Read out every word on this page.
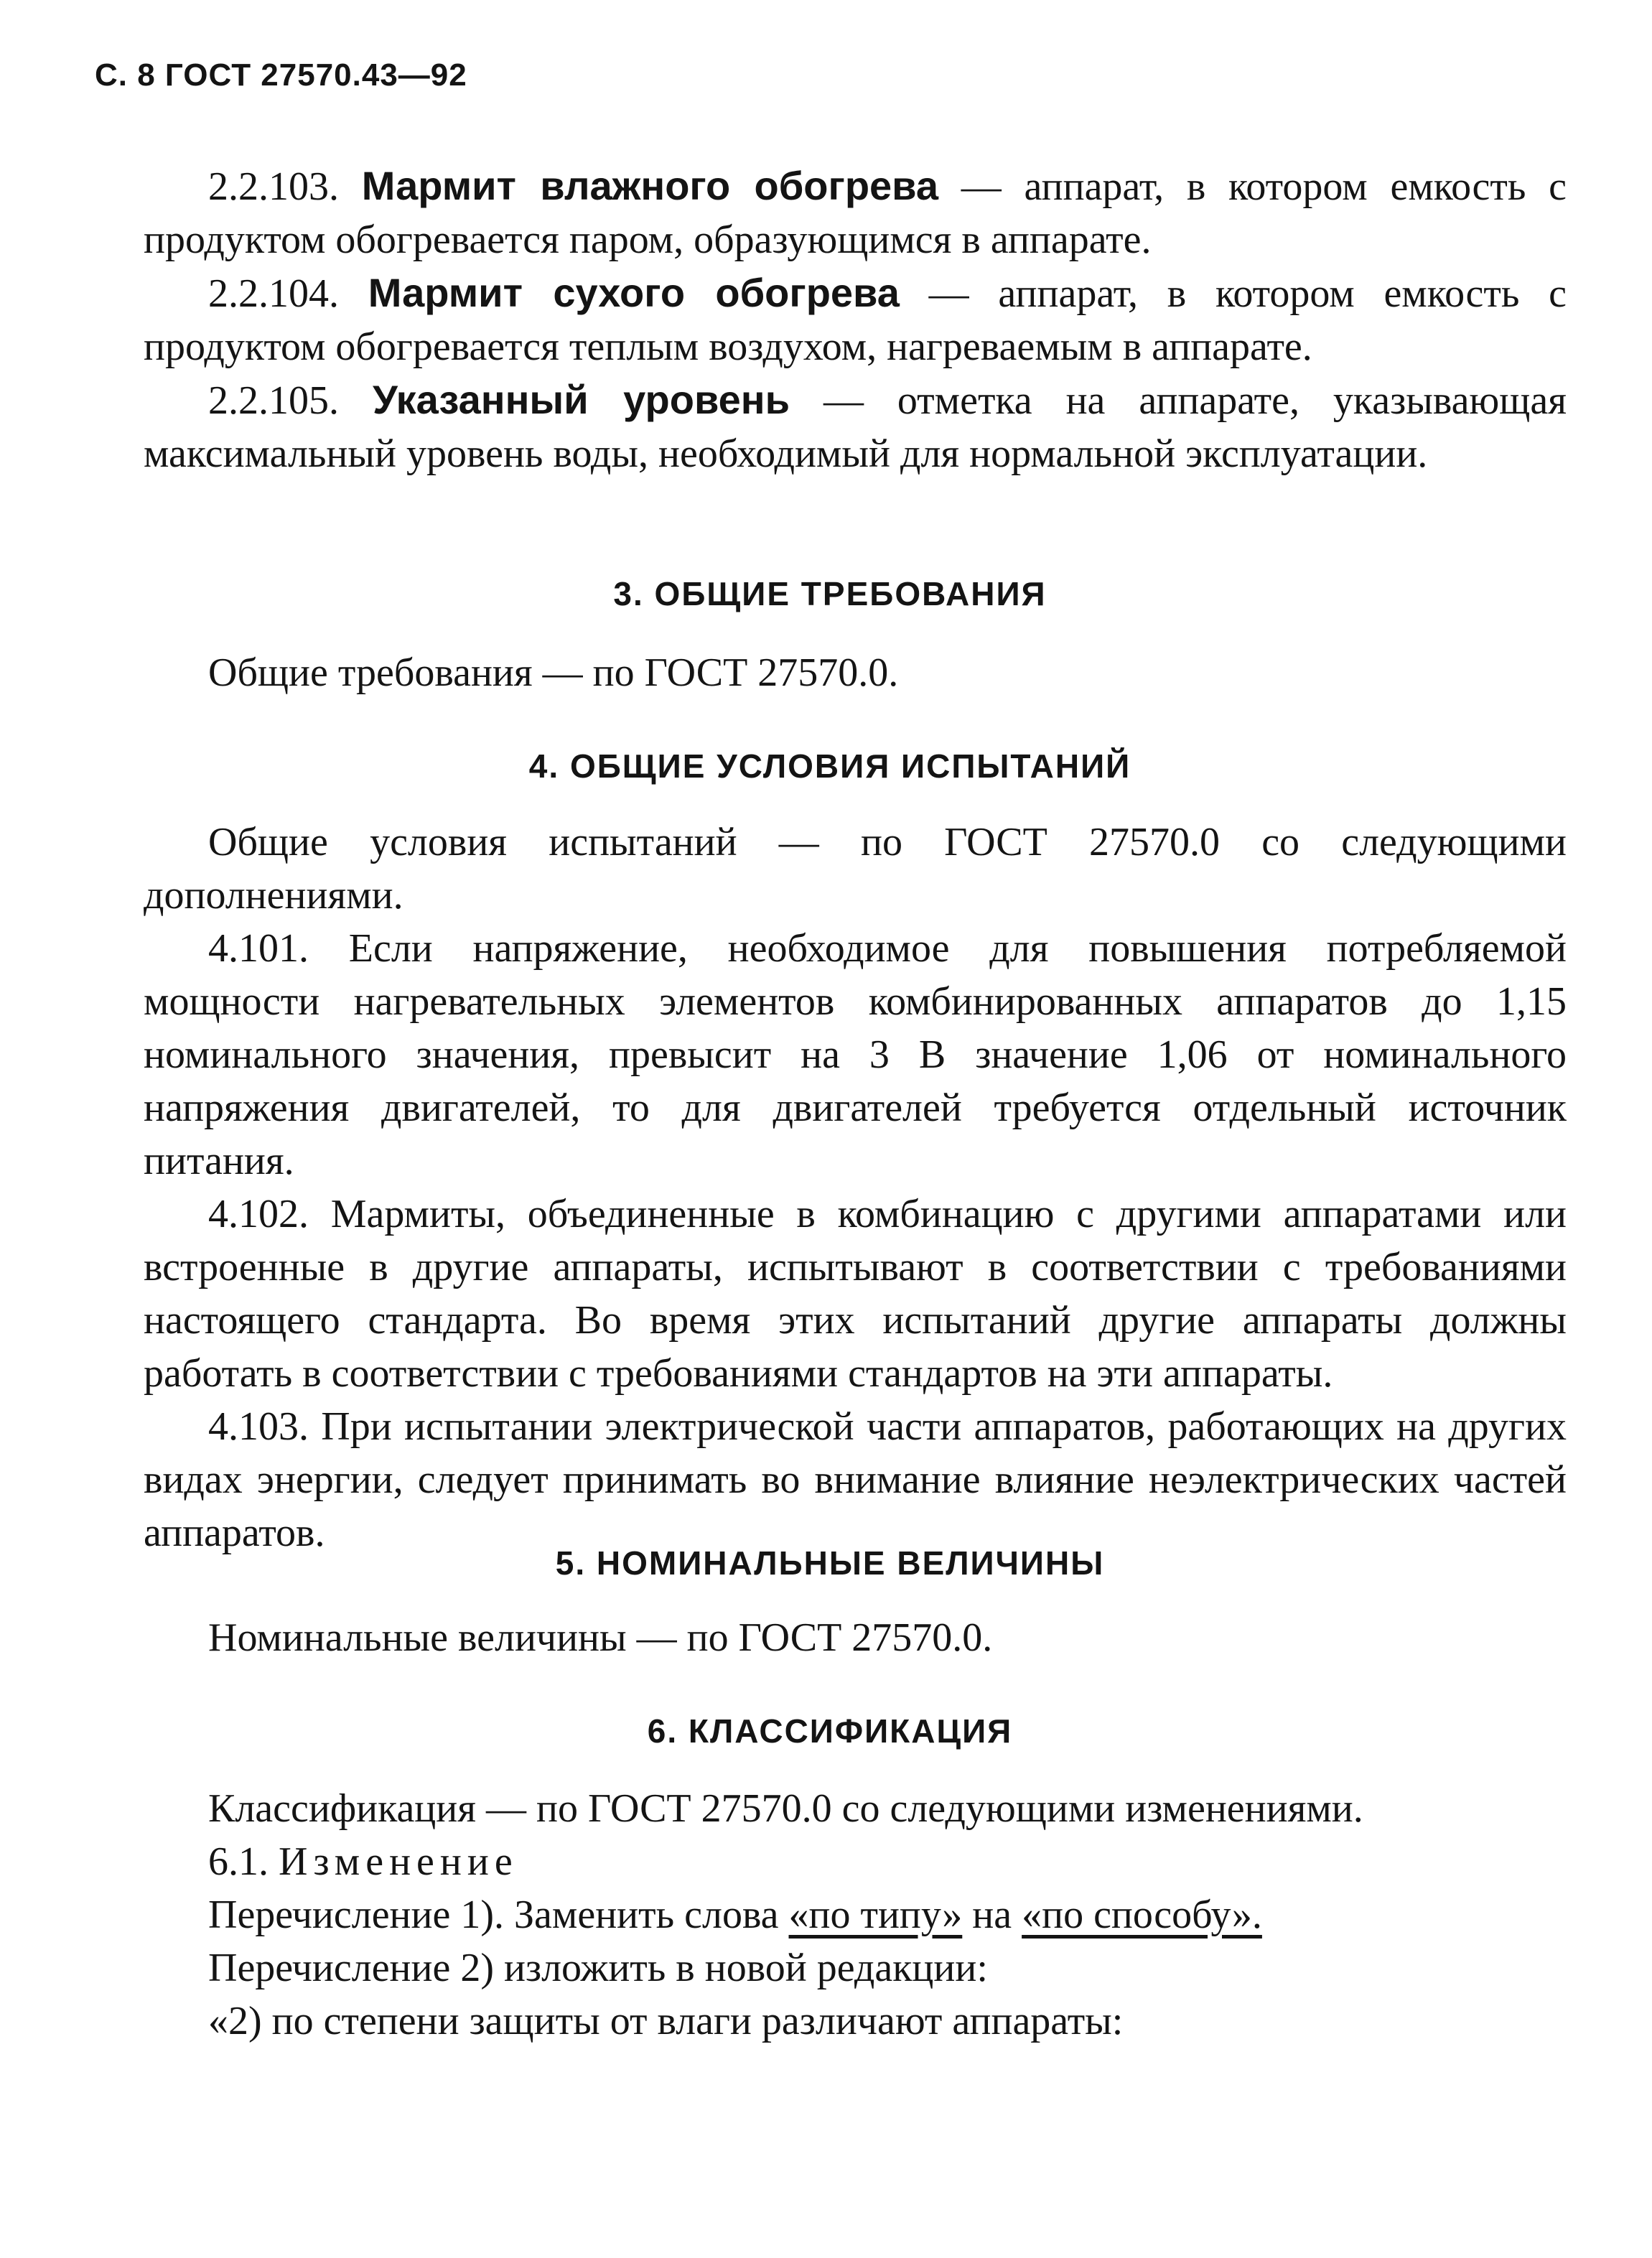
С. 8 ГОСТ 27570.43—92

2.2.103. Мармит влажного обогрева — аппарат, в котором емкость с продуктом обогревается паром, образующимся в аппарате.

2.2.104. Мармит сухого обогрева — аппарат, в котором емкость с продуктом обогревается теплым воздухом, нагреваемым в аппарате.

2.2.105. Указанный уровень — отметка на аппарате, указывающая максимальный уровень воды, необходимый для нормальной эксплуатации.

3. ОБЩИЕ ТРЕБОВАНИЯ

Общие требования — по ГОСТ 27570.0.

4. ОБЩИЕ УСЛОВИЯ ИСПЫТАНИЙ

Общие условия испытаний — по ГОСТ 27570.0 со следующими дополнениями.

4.101. Если напряжение, необходимое для повышения потребляемой мощности нагревательных элементов комбинированных аппаратов до 1,15 номинального значения, превысит на 3 В значение 1,06 от номинального напряжения двигателей, то для двигателей требуется отдельный источник питания.

4.102. Мармиты, объединенные в комбинацию с другими аппаратами или встроенные в другие аппараты, испытывают в соответствии с требованиями настоящего стандарта. Во время этих испытаний другие аппараты должны работать в соответствии с требованиями стандартов на эти аппараты.

4.103. При испытании электрической части аппаратов, работающих на других видах энергии, следует принимать во внимание влияние неэлектрических частей аппаратов.

5. НОМИНАЛЬНЫЕ ВЕЛИЧИНЫ

Номинальные величины — по ГОСТ 27570.0.

6. КЛАССИФИКАЦИЯ

Классификация — по ГОСТ 27570.0 со следующими изменениями.

6.1. Изменение

Перечисление 1). Заменить слова «по типу» на «по способу».

Перечисление 2) изложить в новой редакции:

«2) по степени защиты от влаги различают аппараты:
